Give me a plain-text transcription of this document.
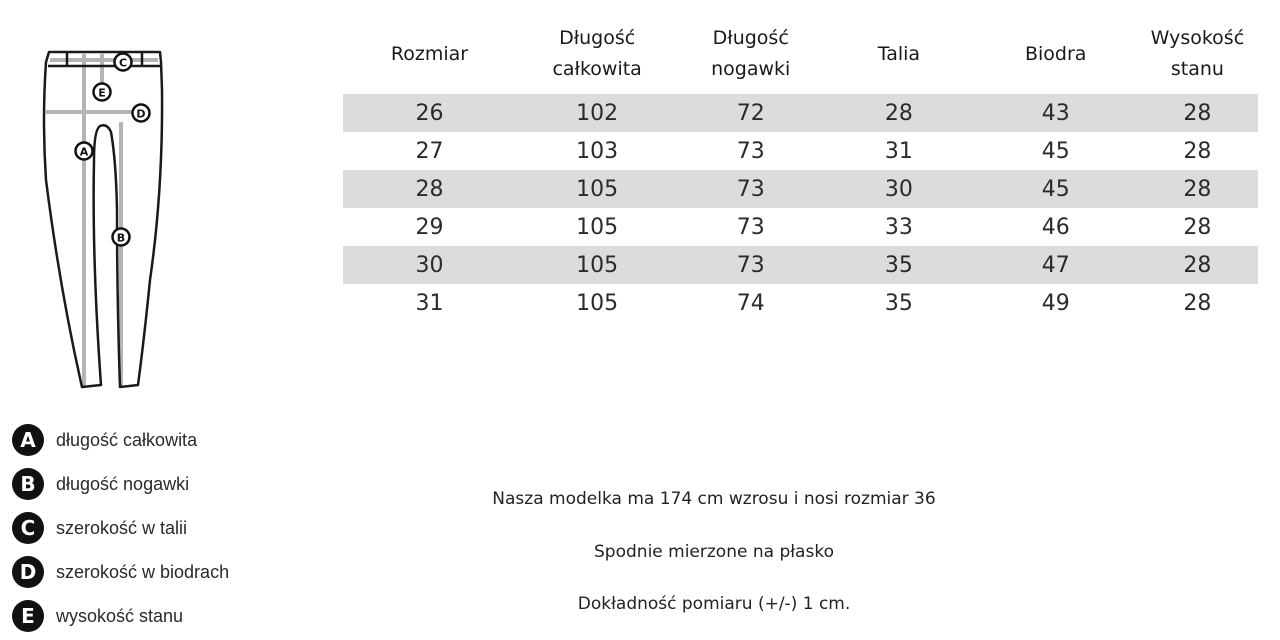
C
E
D
A
B
A	długość całkowita
B	długość nogawki
C	szerokość w talii
D	szerokość w biodrach
E	wysokość stanu
Rozmiar	Długość całkowita	Długość nogawki	Talia	Biodra	Wysokość stanu
26	102	72	28	43	28
27	103	73	31	45	28
28	105	73	30	45	28
29	105	73	33	46	28
30	105	73	35	47	28
31	105	74	35	49	28
Nasza modelka ma 174 cm wzrosu i nosi rozmiar 36
Spodnie mierzone na płasko
Dokładność pomiaru (+/-) 1 cm.
